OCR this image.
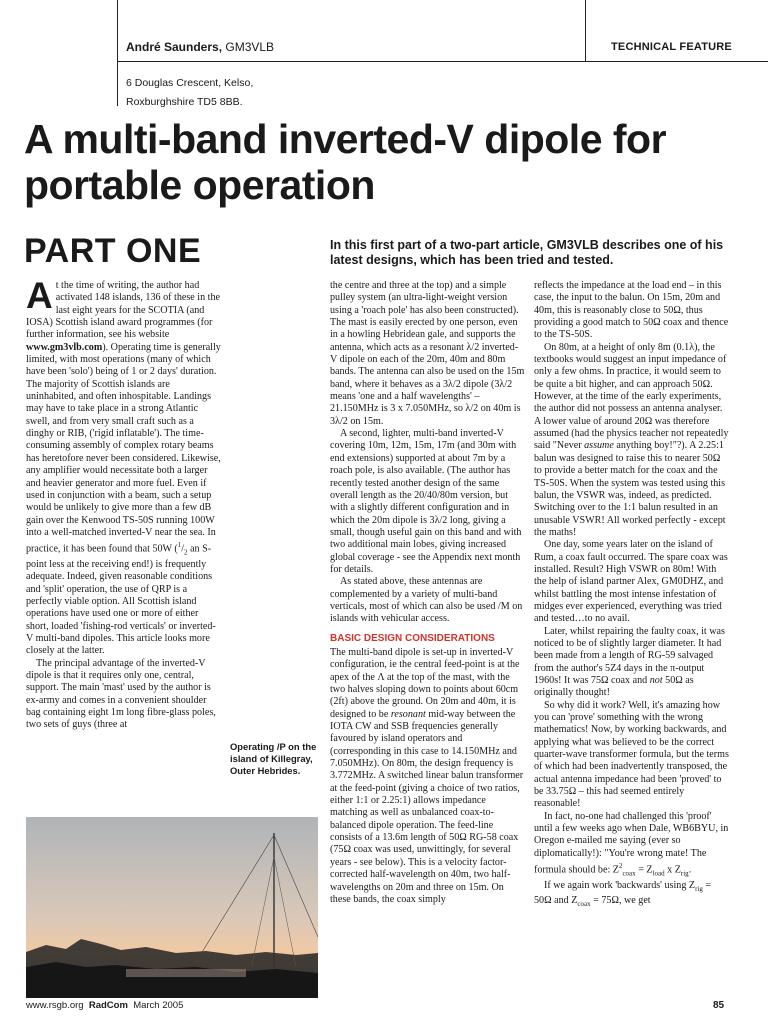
André Saunders, GM3VLB	TECHNICAL FEATURE
6 Douglas Crescent, Kelso,
Roxburghshire TD5 8BB.
A multi-band inverted-V dipole for portable operation
PART ONE	In this first part of a two-part article, GM3VLB describes one of his latest designs, which has been tried and tested.

At the time of writing, the author had activated 148 islands, 136 of these in the last eight years for the SCOTIA (and IOSA) Scottish island award programmes (for further information, see his website www.gm3vlb.com). Operating time is generally limited, with most operations (many of which have been 'solo') being of 1 or 2 days' duration. The majority of Scottish islands are uninhabited, and often inhospitable. Landings may have to take place in a strong Atlantic swell, and from very small craft such as a dinghy or RIB, ('rigid inflatable'). The time-consuming assembly of complex rotary beams has heretofore never been considered. Likewise, any amplifier would necessitate both a larger and heavier generator and more fuel. Even if used in conjunction with a beam, such a setup would be unlikely to give more than a few dB gain over the Kenwood TS-50S running 100W into a well-matched inverted-V near the sea. In practice, it has been found that 50W ($^1/_2$ an S-point less at the receiving end!) is frequently adequate. Indeed, given reasonable conditions and 'split' operation, the use of QRP is a perfectly viable option. All Scottish island operations have used one or more of either short, loaded 'fishing-rod verticals' or inverted-V multi-band dipoles. This article looks more closely at the latter.

The principal advantage of the inverted-V dipole is that it requires only one, central, support. The main 'mast' used by the author is ex-army and comes in a convenient shoulder bag containing eight 1m long fibre-glass poles, two sets of guys (three at

Operating /P on the island of Killegray, Outer Hebrides.

the centre and three at the top) and a simple pulley system (an ultra-light-weight version using a 'roach pole' has also been constructed). The mast is easily erected by one person, even in a howling Hebridean gale, and supports the antenna, which acts as a resonant λ/2 inverted-V dipole on each of the 20m, 40m and 80m bands. The antenna can also be used on the 15m band, where it behaves as a 3λ/2 dipole (3λ/2 means 'one and a half wavelengths' – 21.150MHz is 3 x 7.050MHz, so λ/2 on 40m is 3λ/2 on 15m.

A second, lighter, multi-band inverted-V covering 10m, 12m, 15m, 17m (and 30m with end extensions) supported at about 7m by a roach pole, is also available. (The author has recently tested another design of the same overall length as the 20/40/80m version, but with a slightly different configuration and in which the 20m dipole is 3λ/2 long, giving a small, though useful gain on this band and with two additional main lobes, giving increased global coverage - see the Appendix next month for details.

As stated above, these antennas are complemented by a variety of multi-band verticals, most of which can also be used /M on islands with vehicular access.

BASIC DESIGN CONSIDERATIONS

The multi-band dipole is set-up in inverted-V configuration, ie the central feed-point is at the apex of the Λ at the top of the mast, with the two halves sloping down to points about 60cm (2ft) above the ground. On 20m and 40m, it is designed to be resonant mid-way between the IOTA CW and SSB frequencies generally favoured by island operators and (corresponding in this case to 14.150MHz and 7.050MHz). On 80m, the design frequency is 3.772MHz. A switched linear balun transformer at the feed-point (giving a choice of two ratios, either 1:1 or 2.25:1) allows impedance matching as well as unbalanced coax-to-balanced dipole operation. The feed-line consists of a 13.6m length of 50Ω RG-58 coax (75Ω coax was used, unwittingly, for several years - see below). This is a velocity factor-corrected half-wavelength on 40m, two half-wavelengths on 20m and three on 15m. On these bands, the coax simply

reflects the impedance at the load end – in this case, the input to the balun. On 15m, 20m and 40m, this is reasonably close to 50Ω, thus providing a good match to 50Ω coax and thence to the TS-50S.

On 80m, at a height of only 8m (0.1λ), the textbooks would suggest an input impedance of only a few ohms. In practice, it would seem to be quite a bit higher, and can approach 50Ω. However, at the time of the early experiments, the author did not possess an antenna analyser. A lower value of around 20Ω was therefore assumed (had the physics teacher not repeatedly said "Never assume anything boy!"?). A 2.25:1 balun was designed to raise this to nearer 50Ω to provide a better match for the coax and the TS-50S. When the system was tested using this balun, the VSWR was, indeed, as predicted. Switching over to the 1:1 balun resulted in an unusable VSWR! All worked perfectly - except the maths!

One day, some years later on the island of Rum, a coax fault occurred. The spare coax was installed. Result? High VSWR on 80m! With the help of island partner Alex, GM0DHZ, and whilst battling the most intense infestation of midges ever experienced, everything was tried and tested…to no avail.

Later, whilst repairing the faulty coax, it was noticed to be of slightly larger diameter. It had been made from a length of RG-59 salvaged from the author's 5Z4 days in the π-output 1960s! It was 75Ω coax and not 50Ω as originally thought!

So why did it work? Well, it's amazing how you can 'prove' something with the wrong mathematics! Now, by working backwards, and applying what was believed to be the correct quarter-wave transformer formula, but the terms of which had been inadvertently transposed, the actual antenna impedance had been 'proved' to be 33.75Ω – this had seemed entirely reasonable!

In fact, no-one had challenged this 'proof' until a few weeks ago when Dale, WB6BYU, in Oregon e-mailed me saying (ever so diplomatically!): "You're wrong mate! The formula should be: $Z^2_{coax} = Z_{load}$ x $Z_{rig}$.

If we again work 'backwards' using $Z_{rig} = 50\Omega$ and $Z_{coax} = 75\Omega$, we get

www.rsgb.org RadCom March 2005	85
